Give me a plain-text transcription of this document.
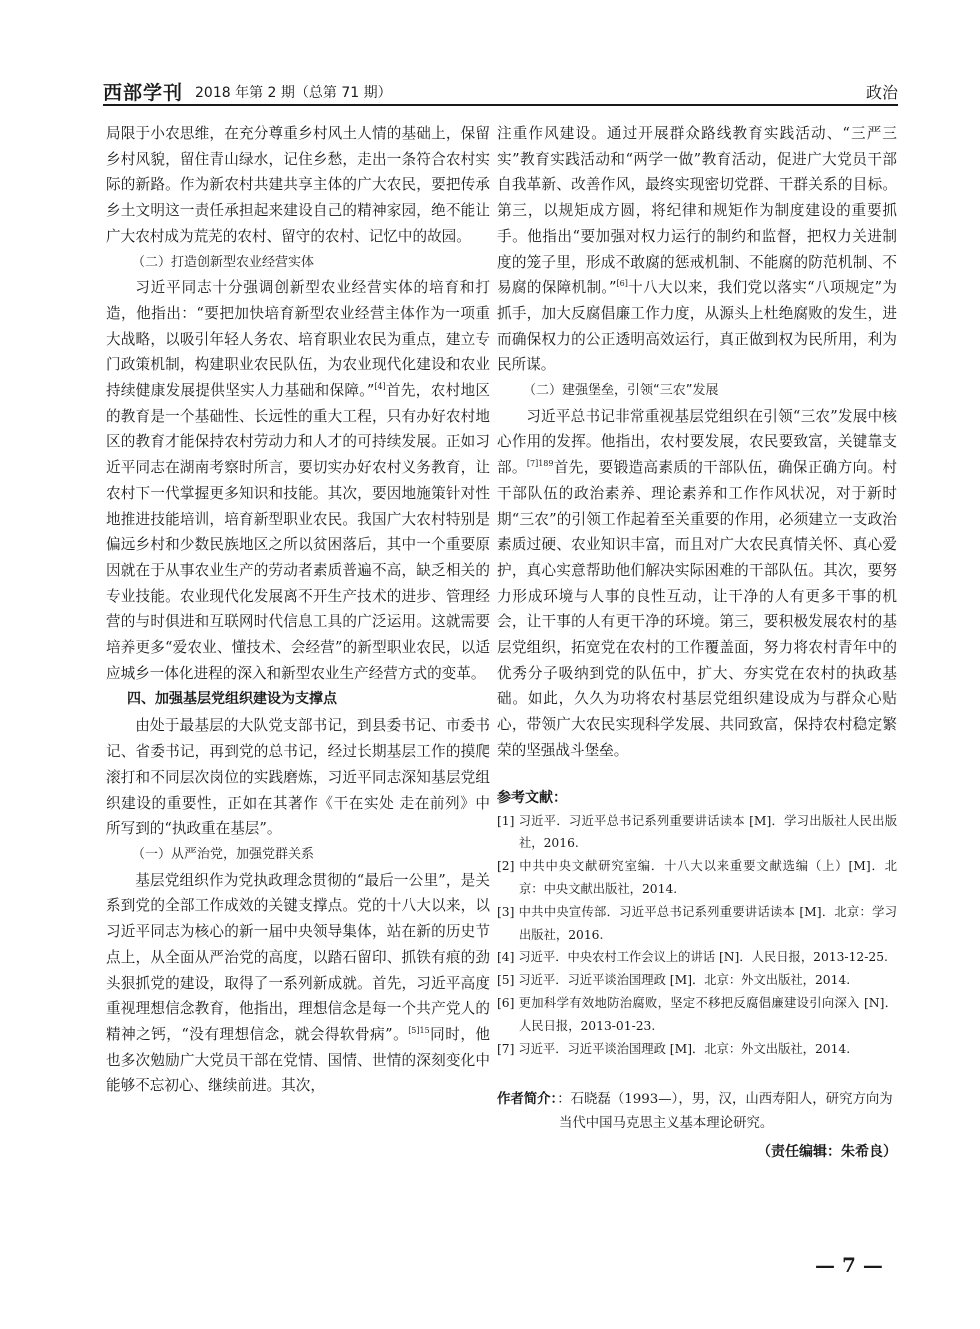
西部学刊 2018 年第 2 期（总第 71 期）	政治

局限于小农思维，在充分尊重乡村风土人情的基础上，保留乡村风貌，留住青山绿水，记住乡愁，走出一条符合农村实际的新路。作为新农村共建共享主体的广大农民，要把传承乡土文明这一责任承担起来建设自己的精神家园，绝不能让广大农村成为荒芜的农村、留守的农村、记忆中的故园。

（二）打造创新型农业经营实体

习近平同志十分强调创新型农业经营实体的培育和打造，他指出：“要把加快培育新型农业经营主体作为一项重大战略，以吸引年轻人务农、培育职业农民为重点，建立专门政策机制，构建职业农民队伍，为农业现代化建设和农业持续健康发展提供坚实人力基础和保障。”[4]首先，农村地区的教育是一个基础性、长远性的重大工程，只有办好农村地区的教育才能保持农村劳动力和人才的可持续发展。正如习近平同志在湖南考察时所言，要切实办好农村义务教育，让农村下一代掌握更多知识和技能。其次，要因地施策针对性地推进技能培训，培育新型职业农民。我国广大农村特别是偏远乡村和少数民族地区之所以贫困落后，其中一个重要原因就在于从事农业生产的劳动者素质普遍不高，缺乏相关的专业技能。农业现代化发展离不开生产技术的进步、管理经营的与时俱进和互联网时代信息工具的广泛运用。这就需要培养更多“爱农业、懂技术、会经营”的新型职业农民，以适应城乡一体化进程的深入和新型农业生产经营方式的变革。

四、加强基层党组织建设为支撑点

由处于最基层的大队党支部书记，到县委书记、市委书记、省委书记，再到党的总书记，经过长期基层工作的摸爬滚打和不同层次岗位的实践磨炼，习近平同志深知基层党组织建设的重要性，正如在其著作《干在实处 走在前列》中所写到的“执政重在基层”。

（一）从严治党，加强党群关系

基层党组织作为党执政理念贯彻的“最后一公里”，是关系到党的全部工作成效的关键支撑点。党的十八大以来，以习近平同志为核心的新一届中央领导集体，站在新的历史节点上，从全面从严治党的高度，以踏石留印、抓铁有痕的劲头狠抓党的建设，取得了一系列新成就。首先，习近平高度重视理想信念教育，他指出，理想信念是每一个共产党人的精神之钙，“没有理想信念，就会得软骨病”。$^{[5]15}$同时，他也多次勉励广大党员干部在党情、国情、世情的深刻变化中能够不忘初心、继续前进。其次，

注重作风建设。通过开展群众路线教育实践活动、“三严三实”教育实践活动和“两学一做”教育活动，促进广大党员干部自我革新、改善作风，最终实现密切党群、干群关系的目标。第三，以规矩成方圆，将纪律和规矩作为制度建设的重要抓手。他指出“要加强对权力运行的制约和监督，把权力关进制度的笼子里，形成不敢腐的惩戒机制、不能腐的防范机制、不易腐的保障机制。”[6]十八大以来，我们党以落实“八项规定”为抓手，加大反腐倡廉工作力度，从源头上杜绝腐败的发生，进而确保权力的公正透明高效运行，真正做到权为民所用，利为民所谋。

（二）建强堡垒，引领“三农”发展

习近平总书记非常重视基层党组织在引领“三农”发展中核心作用的发挥。他指出，农村要发展，农民要致富，关键靠支部。$^{[7]189}$首先，要锻造高素质的干部队伍，确保正确方向。村干部队伍的政治素养、理论素养和工作作风状况，对于新时期“三农”的引领工作起着至关重要的作用，必须建立一支政治素质过硬、农业知识丰富，而且对广大农民真情关怀、真心爱护，真心实意帮助他们解决实际困难的干部队伍。其次，要努力形成环境与人事的良性互动，让干净的人有更多干事的机会，让干事的人有更干净的环境。第三，要积极发展农村的基层党组织，拓宽党在农村的工作覆盖面，努力将农村青年中的优秀分子吸纳到党的队伍中，扩大、夯实党在农村的执政基础。如此，久久为功将农村基层党组织建设成为与群众心贴心，带领广大农民实现科学发展、共同致富，保持农村稳定繁荣的坚强战斗堡垒。

参考文献：

[1] 习近平．习近平总书记系列重要讲话读本 [M]．学习出版社人民出版社，2016.

[2] 中共中央文献研究室编．十八大以来重要文献选编（上）[M]．北京：中央文献出版社，2014.

[3] 中共中央宣传部．习近平总书记系列重要讲话读本 [M]．北京：学习出版社，2016.

[4] 习近平．中央农村工作会议上的讲话 [N]．人民日报，2013-12-25.

[5] 习近平．习近平谈治国理政 [M]．北京：外文出版社，2014.

[6] 更加科学有效地防治腐败，坚定不移把反腐倡廉建设引向深入 [N]．人民日报，2013-01-23.

[7] 习近平．习近平谈治国理政 [M]．北京：外文出版社，2014.

作者简介：：石晓磊（1993—），男，汉，山西寿阳人，研究方向为当代中国马克思主义基本理论研究。

（责任编辑：朱希良）

— 7 —
